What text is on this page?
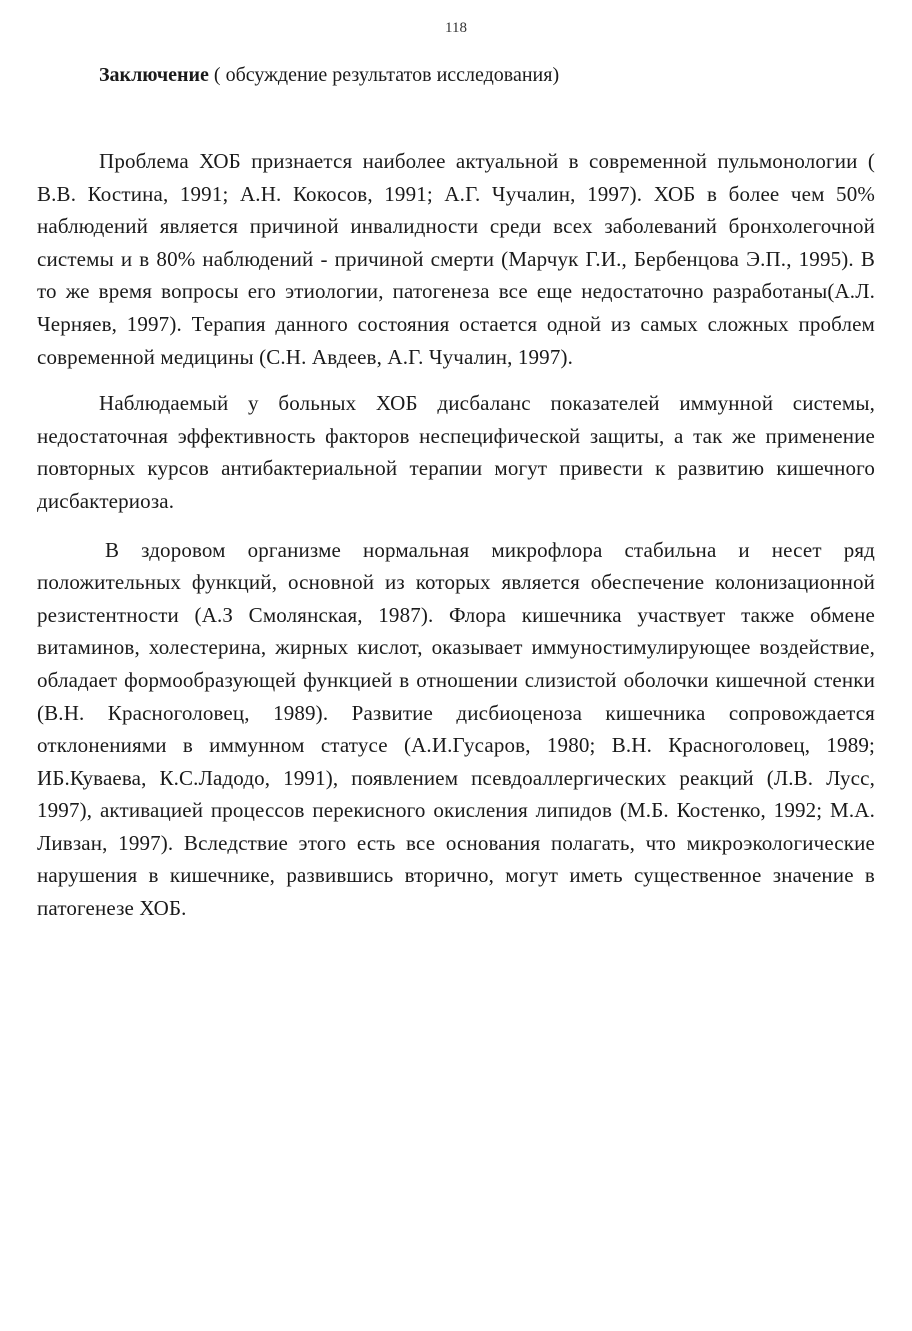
118
Заключение ( обсуждение результатов исследования)

Проблема ХОБ признается наиболее актуальной в современной пульмонологии ( В.В. Костина, 1991; А.Н. Кокосов, 1991; А.Г. Чучалин, 1997). ХОБ в более чем 50% наблюдений является причиной инвалидности среди всех заболеваний бронхолегочной системы и в 80% наблюдений - причиной смерти (Марчук Г.И., Бербенцова Э.П., 1995). В то же время вопросы его этиологии, патогенеза все еще недостаточно разработаны(А.Л. Черняев, 1997). Терапия данного состояния остается одной из самых сложных проблем современной медицины (С.Н. Авдеев, А.Г. Чучалин, 1997).

Наблюдаемый у больных ХОБ дисбаланс показателей иммунной системы, недостаточная эффективность факторов неспецифической защиты, а так же применение повторных курсов антибактериальной терапии могут привести к развитию кишечного дисбактериоза.

В здоровом организме нормальная микрофлора стабильна и несет ряд положительных функций, основной из которых является обеспечение колонизационной резистентности (А.З Смолянская, 1987). Флора кишечника участвует также обмене витаминов, холестерина, жирных кислот, оказывает иммуностимулирующее воздействие, обладает формообразующей функцией в отношении слизистой оболочки кишечной стенки (В.Н. Красноголовец, 1989). Развитие дисбиоценоза кишечника сопровождается отклонениями в иммунном статусе (А.И.Гусаров, 1980; В.Н. Красноголовец, 1989; ИБ.Куваева, К.С.Ладодо, 1991), появлением псевдоаллергических реакций (Л.В. Лусс, 1997), активацией процессов перекисного окисления липидов (М.Б. Костенко, 1992; М.А. Ливзан, 1997). Вследствие этого есть все основания полагать, что микроэкологические нарушения в кишечнике, развившись вторично, могут иметь существенное значение в патогенезе ХОБ.
